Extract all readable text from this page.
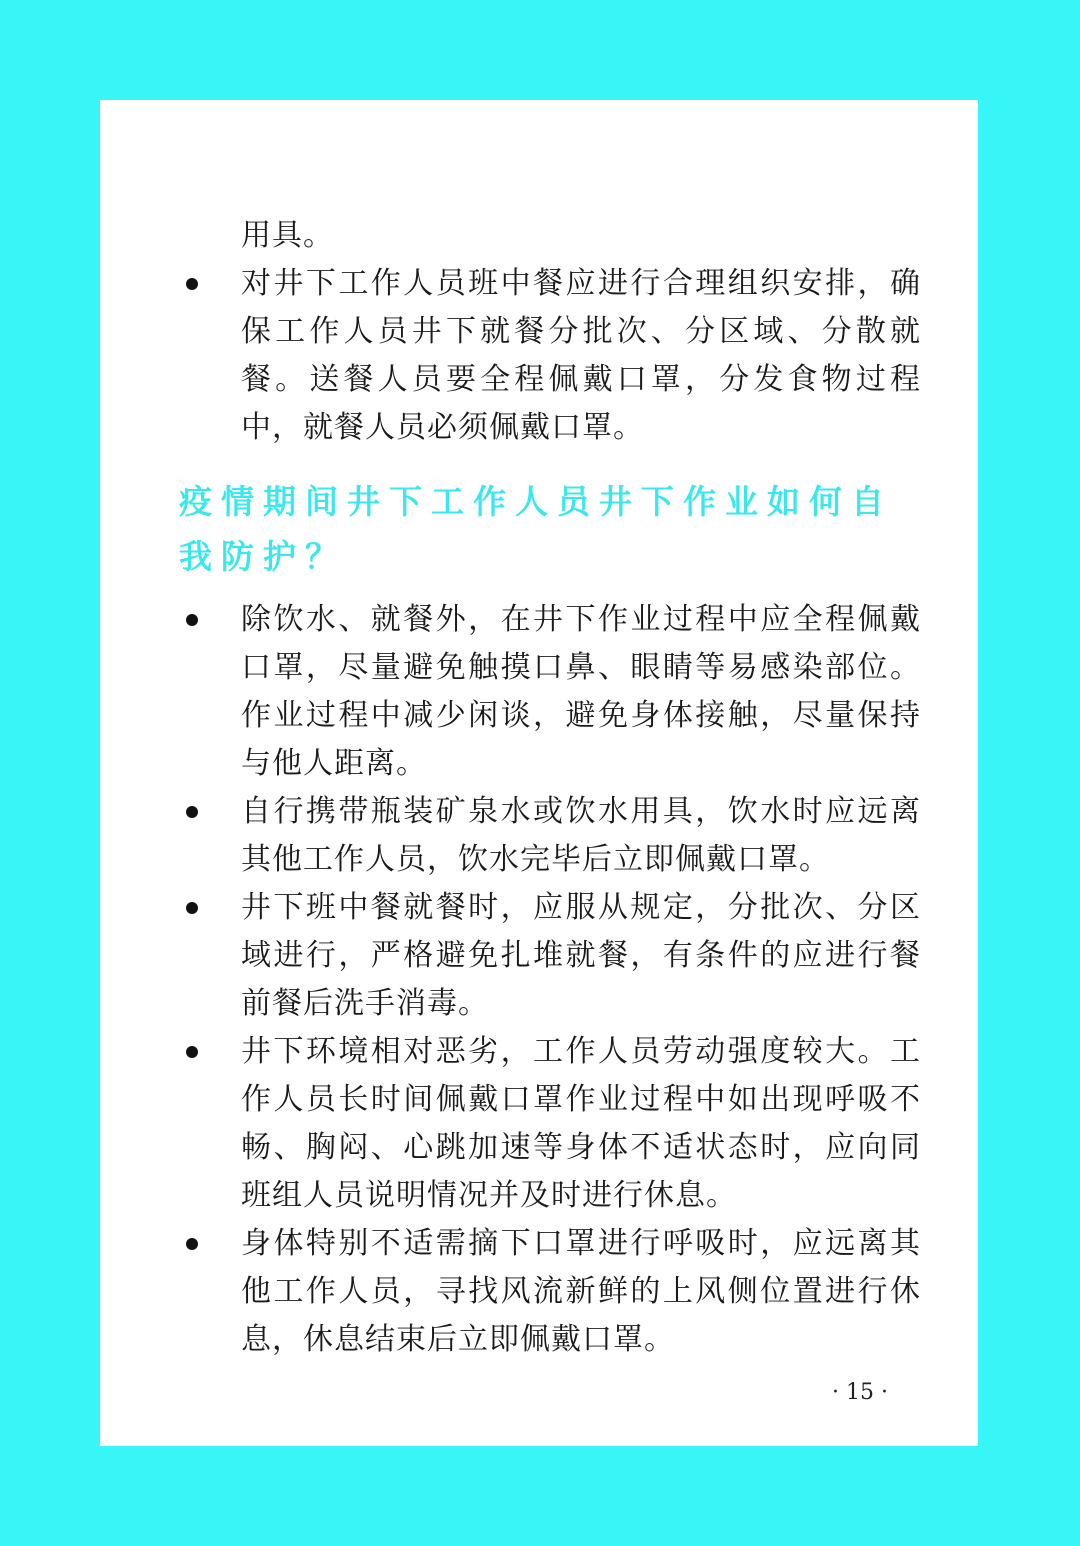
用具。
对井下工作人员班中餐应进行合理组织安排，确保工作人员井下就餐分批次、分区域、分散就餐。送餐人员要全程佩戴口罩，分发食物过程中，就餐人员必须佩戴口罩。
疫情期间井下工作人员井下作业如何自我防护？
除饮水、就餐外，在井下作业过程中应全程佩戴口罩，尽量避免触摸口鼻、眼睛等易感染部位。作业过程中减少闲谈，避免身体接触，尽量保持与他人距离。
自行携带瓶装矿泉水或饮水用具，饮水时应远离其他工作人员，饮水完毕后立即佩戴口罩。
井下班中餐就餐时，应服从规定，分批次、分区域进行，严格避免扎堆就餐，有条件的应进行餐前餐后洗手消毒。
井下环境相对恶劣，工作人员劳动强度较大。工作人员长时间佩戴口罩作业过程中如出现呼吸不畅、胸闷、心跳加速等身体不适状态时，应向同班组人员说明情况并及时进行休息。
身体特别不适需摘下口罩进行呼吸时，应远离其他工作人员，寻找风流新鲜的上风侧位置进行休息，休息结束后立即佩戴口罩。
· 15 ·
